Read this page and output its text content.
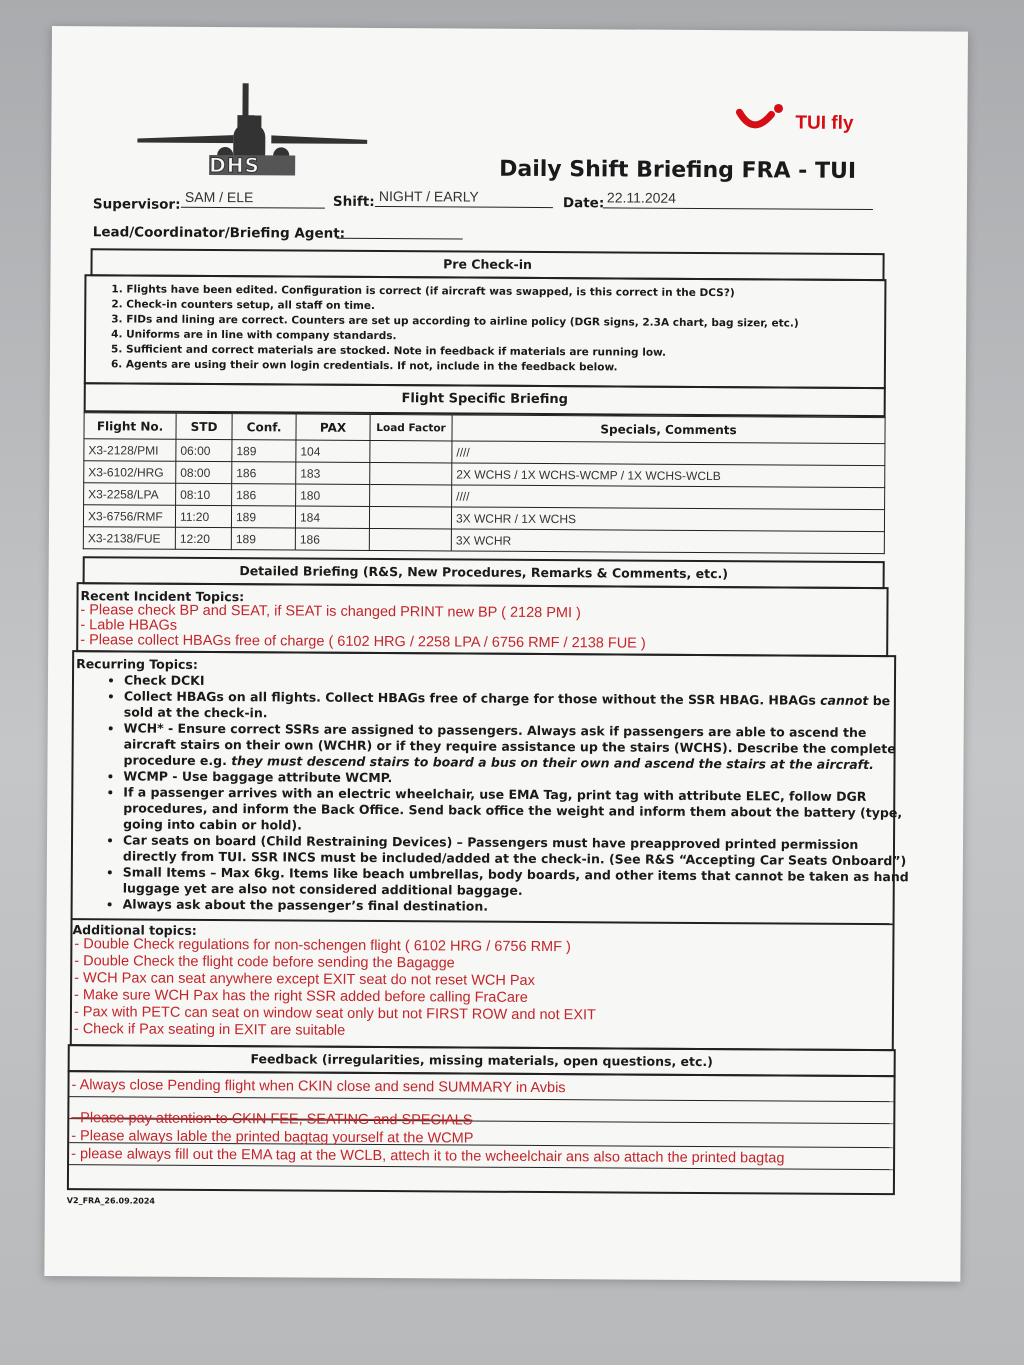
DHS
TUI fly
Daily Shift Briefing FRA - TUI
Supervisor: SAM / ELE	Shift: NIGHT / EARLY	Date: 22.11.2024
Lead/Coordinator/Briefing Agent:
Pre Check-in
1. Flights have been edited. Configuration is correct (if aircraft was swapped, is this correct in the DCS?)
2. Check-in counters setup, all staff on time.
3. FIDs and lining are correct. Counters are set up according to airline policy (DGR signs, 2.3A chart, bag sizer, etc.)
4. Uniforms are in line with company standards.
5. Sufficient and correct materials are stocked. Note in feedback if materials are running low.
6. Agents are using their own login credentials. If not, include in the feedback below.
Flight Specific Briefing
Flight No.	STD	Conf.	PAX	Load Factor	Specials, Comments
X3-2128/PMI	06:00	189	104		////
X3-6102/HRG	08:00	186	183		2X WCHS / 1X WCHS-WCMP / 1X WCHS-WCLB
X3-2258/LPA	08:10	186	180		////
X3-6756/RMF	11:20	189	184		3X WCHR / 1X WCHS
X3-2138/FUE	12:20	189	186		3X WCHR
Detailed Briefing (R&S, New Procedures, Remarks & Comments, etc.)
Recent Incident Topics:
- Please check BP and SEAT, if SEAT is changed PRINT new BP ( 2128 PMI )
- Lable HBAGs
- Please collect HBAGs free of charge ( 6102 HRG / 2258 LPA / 6756 RMF / 2138 FUE )
Recurring Topics:
• Check DCKI
• Collect HBAGs on all flights. Collect HBAGs free of charge for those without the SSR HBAG. HBAGs cannot be sold at the check-in.
• WCH* - Ensure correct SSRs are assigned to passengers. Always ask if passengers are able to ascend the aircraft stairs on their own (WCHR) or if they require assistance up the stairs (WCHS). Describe the complete procedure e.g. they must descend stairs to board a bus on their own and ascend the stairs at the aircraft.
• WCMP - Use baggage attribute WCMP.
• If a passenger arrives with an electric wheelchair, use EMA Tag, print tag with attribute ELEC, follow DGR procedures, and inform the Back Office. Send back office the weight and inform them about the battery (type, going into cabin or hold).
• Car seats on board (Child Restraining Devices) – Passengers must have preapproved printed permission directly from TUI. SSR INCS must be included/added at the check-in. (See R&S “Accepting Car Seats Onboard”)
• Small Items – Max 6kg. Items like beach umbrellas, body boards, and other items that cannot be taken as hand luggage yet are also not considered additional baggage.
• Always ask about the passenger’s final destination.
Additional topics:
- Double Check regulations for non-schengen flight ( 6102 HRG / 6756 RMF )
- Double Check the flight code before sending the Bagagge
- WCH Pax can seat anywhere except EXIT seat do not reset WCH Pax
- Make sure WCH Pax has the right SSR added before calling FraCare
- Pax with PETC can seat on window seat only but not FIRST ROW and not EXIT
- Check if Pax seating in EXIT are suitable
Feedback (irregularities, missing materials, open questions, etc.)
- Always close Pending flight when CKIN close and send SUMMARY in Avbis
- Please pay attention to CKIN FEE, SEATING and SPECIALS
- Please always lable the printed bagtag yourself at the WCMP
- please always fill out the EMA tag at the WCLB, attech it to the wcheelchair ans also attach the printed bagtag
V2_FRA_26.09.2024
